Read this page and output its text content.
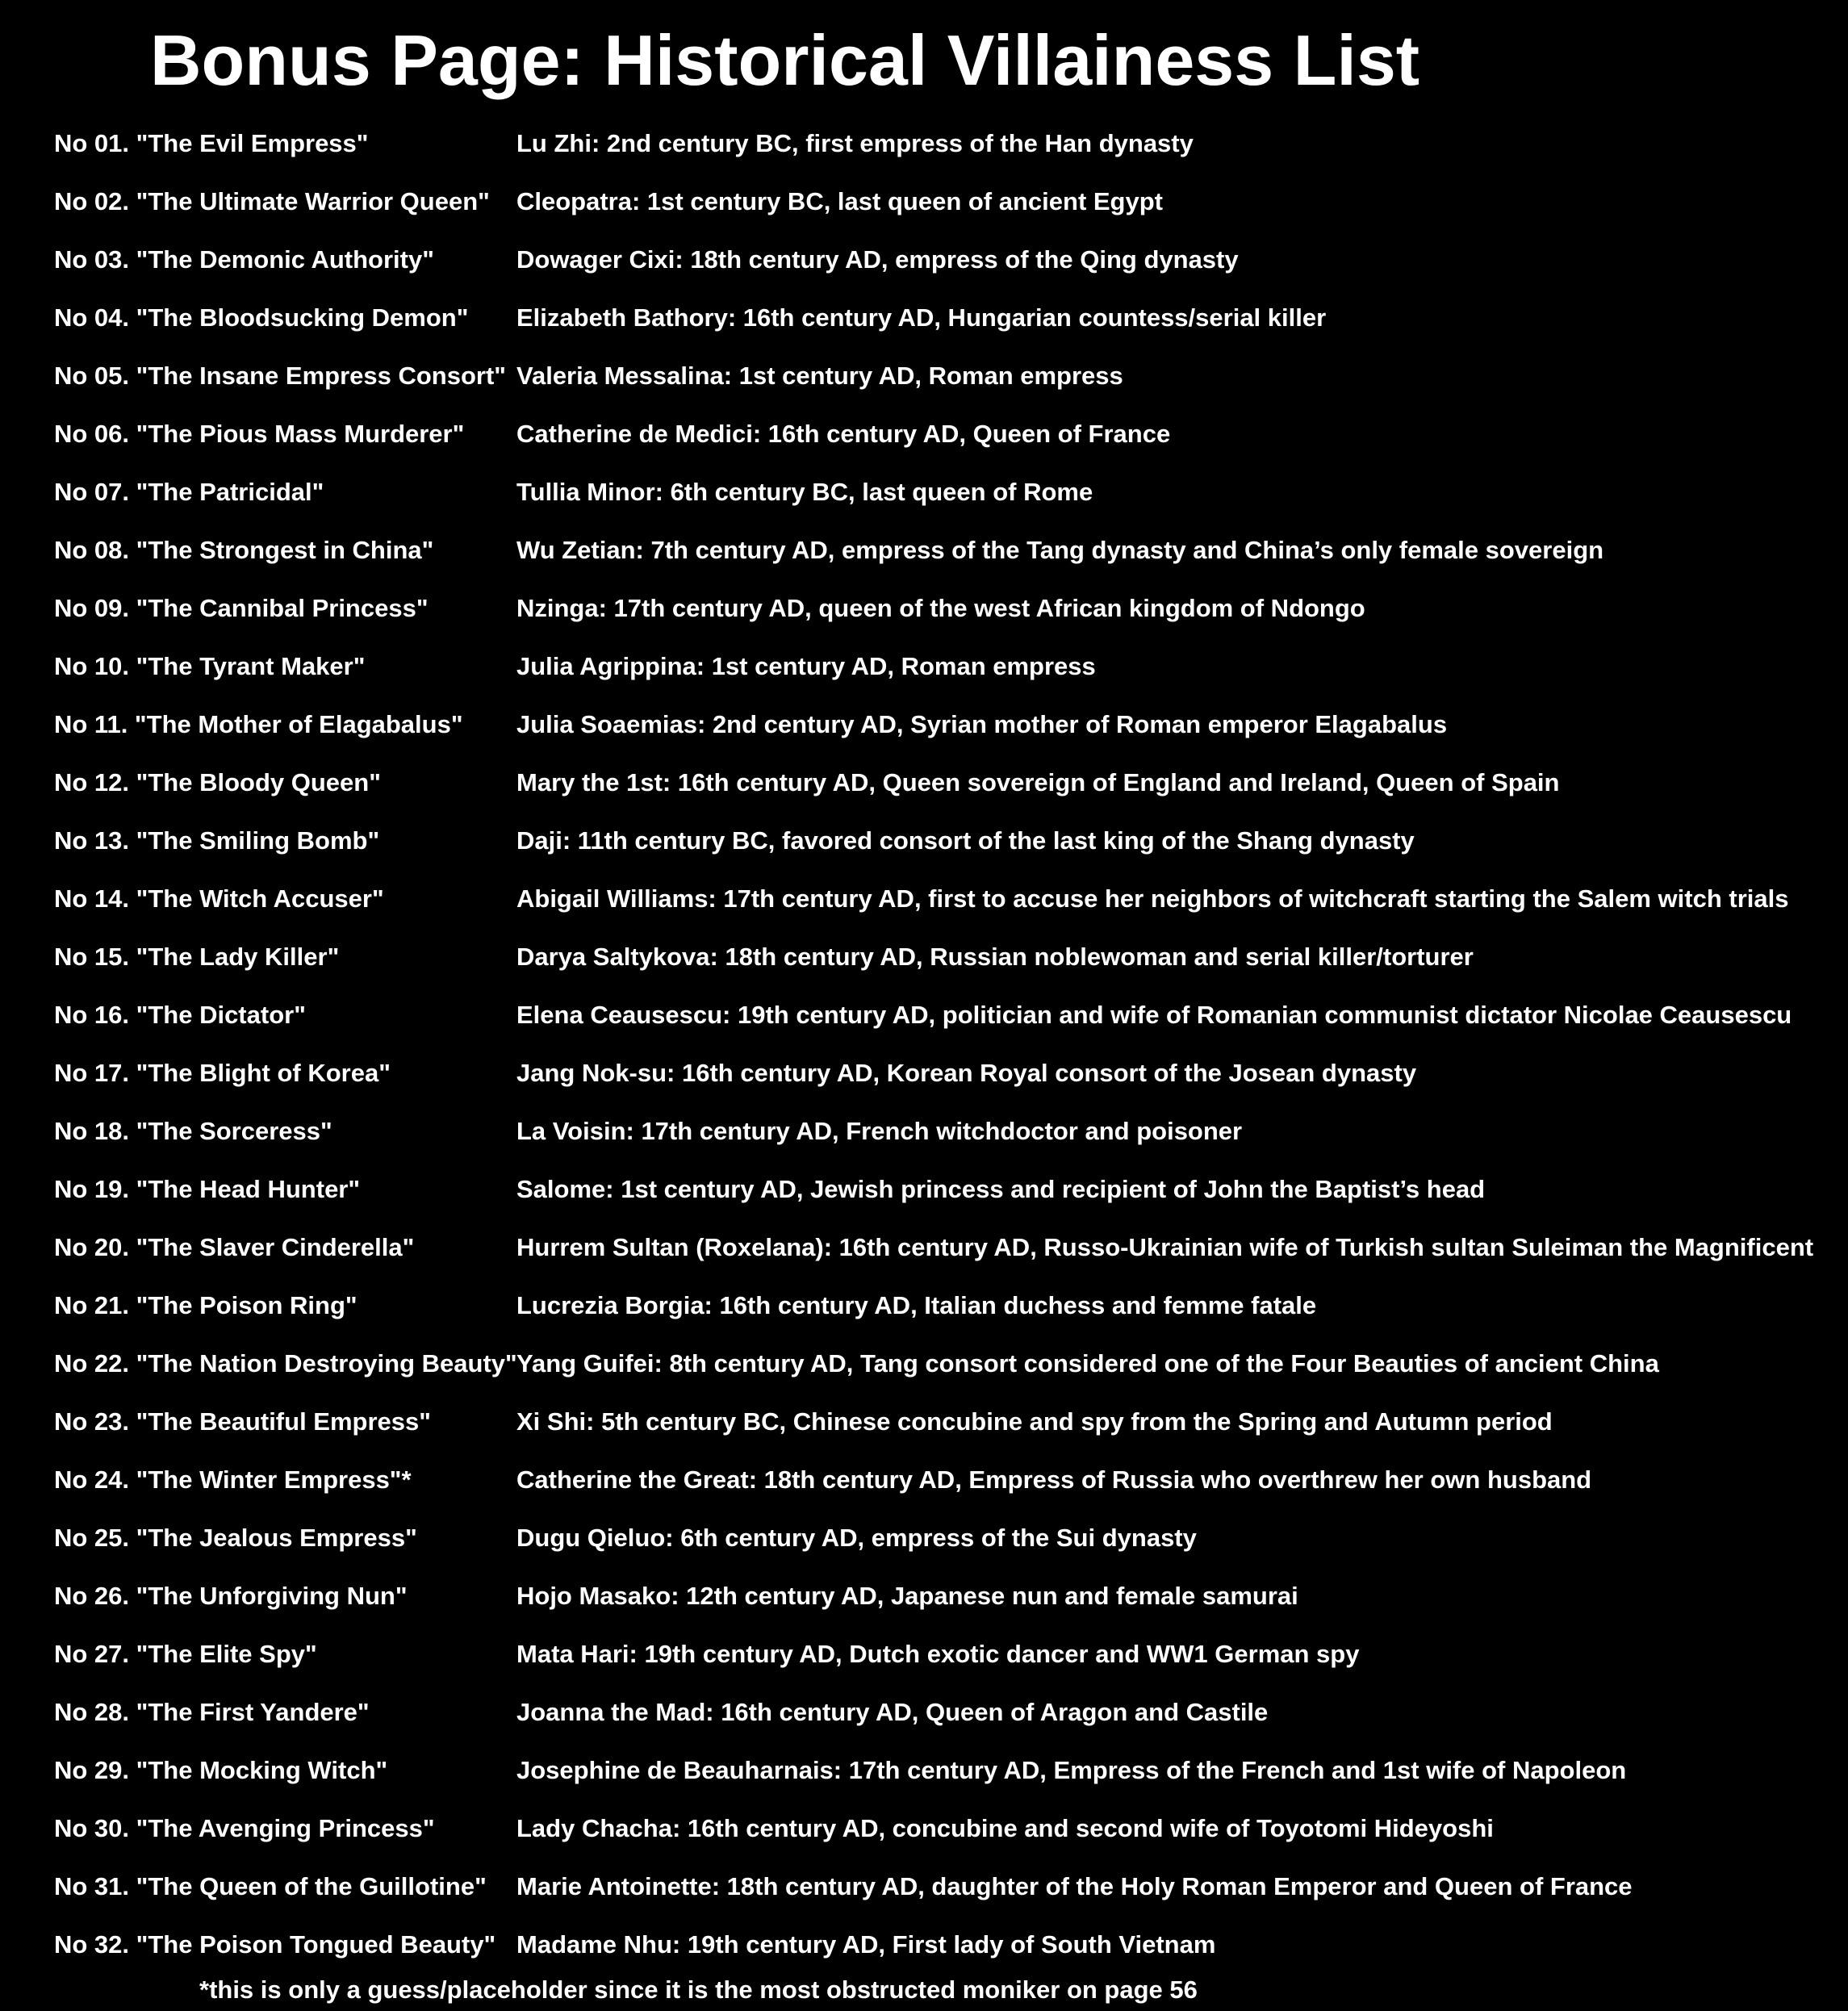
Bonus Page: Historical Villainess List
No 01. "The Evil Empress"	Lu Zhi: 2nd century BC, first empress of the Han dynasty
No 02. "The Ultimate Warrior Queen" Cleopatra: 1st century BC, last queen of ancient Egypt
No 03. "The Demonic Authority"	Dowager Cixi: 18th century AD, empress of the Qing dynasty
No 04. "The Bloodsucking Demon" Elizabeth Bathory: 16th century AD, Hungarian countess/serial killer
No 05. "The Insane Empress Consort" Valeria Messalina: 1st century AD, Roman empress
No 06. "The Pious Mass Murderer" Catherine de Medici: 16th century AD, Queen of France
No 07. "The Patricidal"	Tullia Minor: 6th century BC, last queen of Rome
No 08. "The Strongest in China"	Wu Zetian: 7th century AD, empress of the Tang dynasty and China’s only female sovereign
No 09. "The Cannibal Princess"	Nzinga: 17th century AD, queen of the west African kingdom of Ndongo
No 10. "The Tyrant Maker"	Julia Agrippina: 1st century AD, Roman empress
No 11. "The Mother of Elagabalus" Julia Soaemias: 2nd century AD, Syrian mother of Roman emperor Elagabalus
No 12. "The Bloody Queen"	Mary the 1st: 16th century AD, Queen sovereign of England and Ireland, Queen of Spain
No 13. "The Smiling Bomb"	Daji: 11th century BC, favored consort of the last king of the Shang dynasty
No 14. "The Witch Accuser"	Abigail Williams: 17th century AD, first to accuse her neighbors of witchcraft starting the Salem witch trials
No 15. "The Lady Killer"	Darya Saltykova: 18th century AD, Russian noblewoman and serial killer/torturer
No 16. "The Dictator"	Elena Ceausescu: 19th century AD, politician and wife of Romanian communist dictator Nicolae Ceausescu
No 17. "The Blight of Korea"	Jang Nok-su: 16th century AD, Korean Royal consort of the Josean dynasty
No 18. "The Sorceress"	La Voisin: 17th century AD, French witchdoctor and poisoner
No 19. "The Head Hunter"	Salome: 1st century AD, Jewish princess and recipient of John the Baptist’s head
No 20. "The Slaver Cinderella"	Hurrem Sultan (Roxelana): 16th century AD, Russo-Ukrainian wife of Turkish sultan Suleiman the Magnificent
No 21. "The Poison Ring"	Lucrezia Borgia: 16th century AD, Italian duchess and femme fatale
No 22. "The Nation Destroying Beauty" Yang Guifei: 8th century AD, Tang consort considered one of the Four Beauties of ancient China
No 23. "The Beautiful Empress"	Xi Shi: 5th century BC, Chinese concubine and spy from the Spring and Autumn period
No 24. "The Winter Empress"*	Catherine the Great: 18th century AD, Empress of Russia who overthrew her own husband
No 25. "The Jealous Empress"	Dugu Qieluo: 6th century AD, empress of the Sui dynasty
No 26. "The Unforgiving Nun"	Hojo Masako: 12th century AD, Japanese nun and female samurai
No 27. "The Elite Spy"	Mata Hari: 19th century AD, Dutch exotic dancer and WW1 German spy
No 28. "The First Yandere"	Joanna the Mad: 16th century AD, Queen of Aragon and Castile
No 29. "The Mocking Witch"	Josephine de Beauharnais: 17th century AD, Empress of the French and 1st wife of Napoleon
No 30. "The Avenging Princess"	Lady Chacha: 16th century AD, concubine and second wife of Toyotomi Hideyoshi
No 31. "The Queen of the Guillotine" Marie Antoinette: 18th century AD, daughter of the Holy Roman Emperor and Queen of France
No 32. "The Poison Tongued Beauty" Madame Nhu: 19th century AD, First lady of South Vietnam
*this is only a guess/placeholder since it is the most obstructed moniker on page 56
